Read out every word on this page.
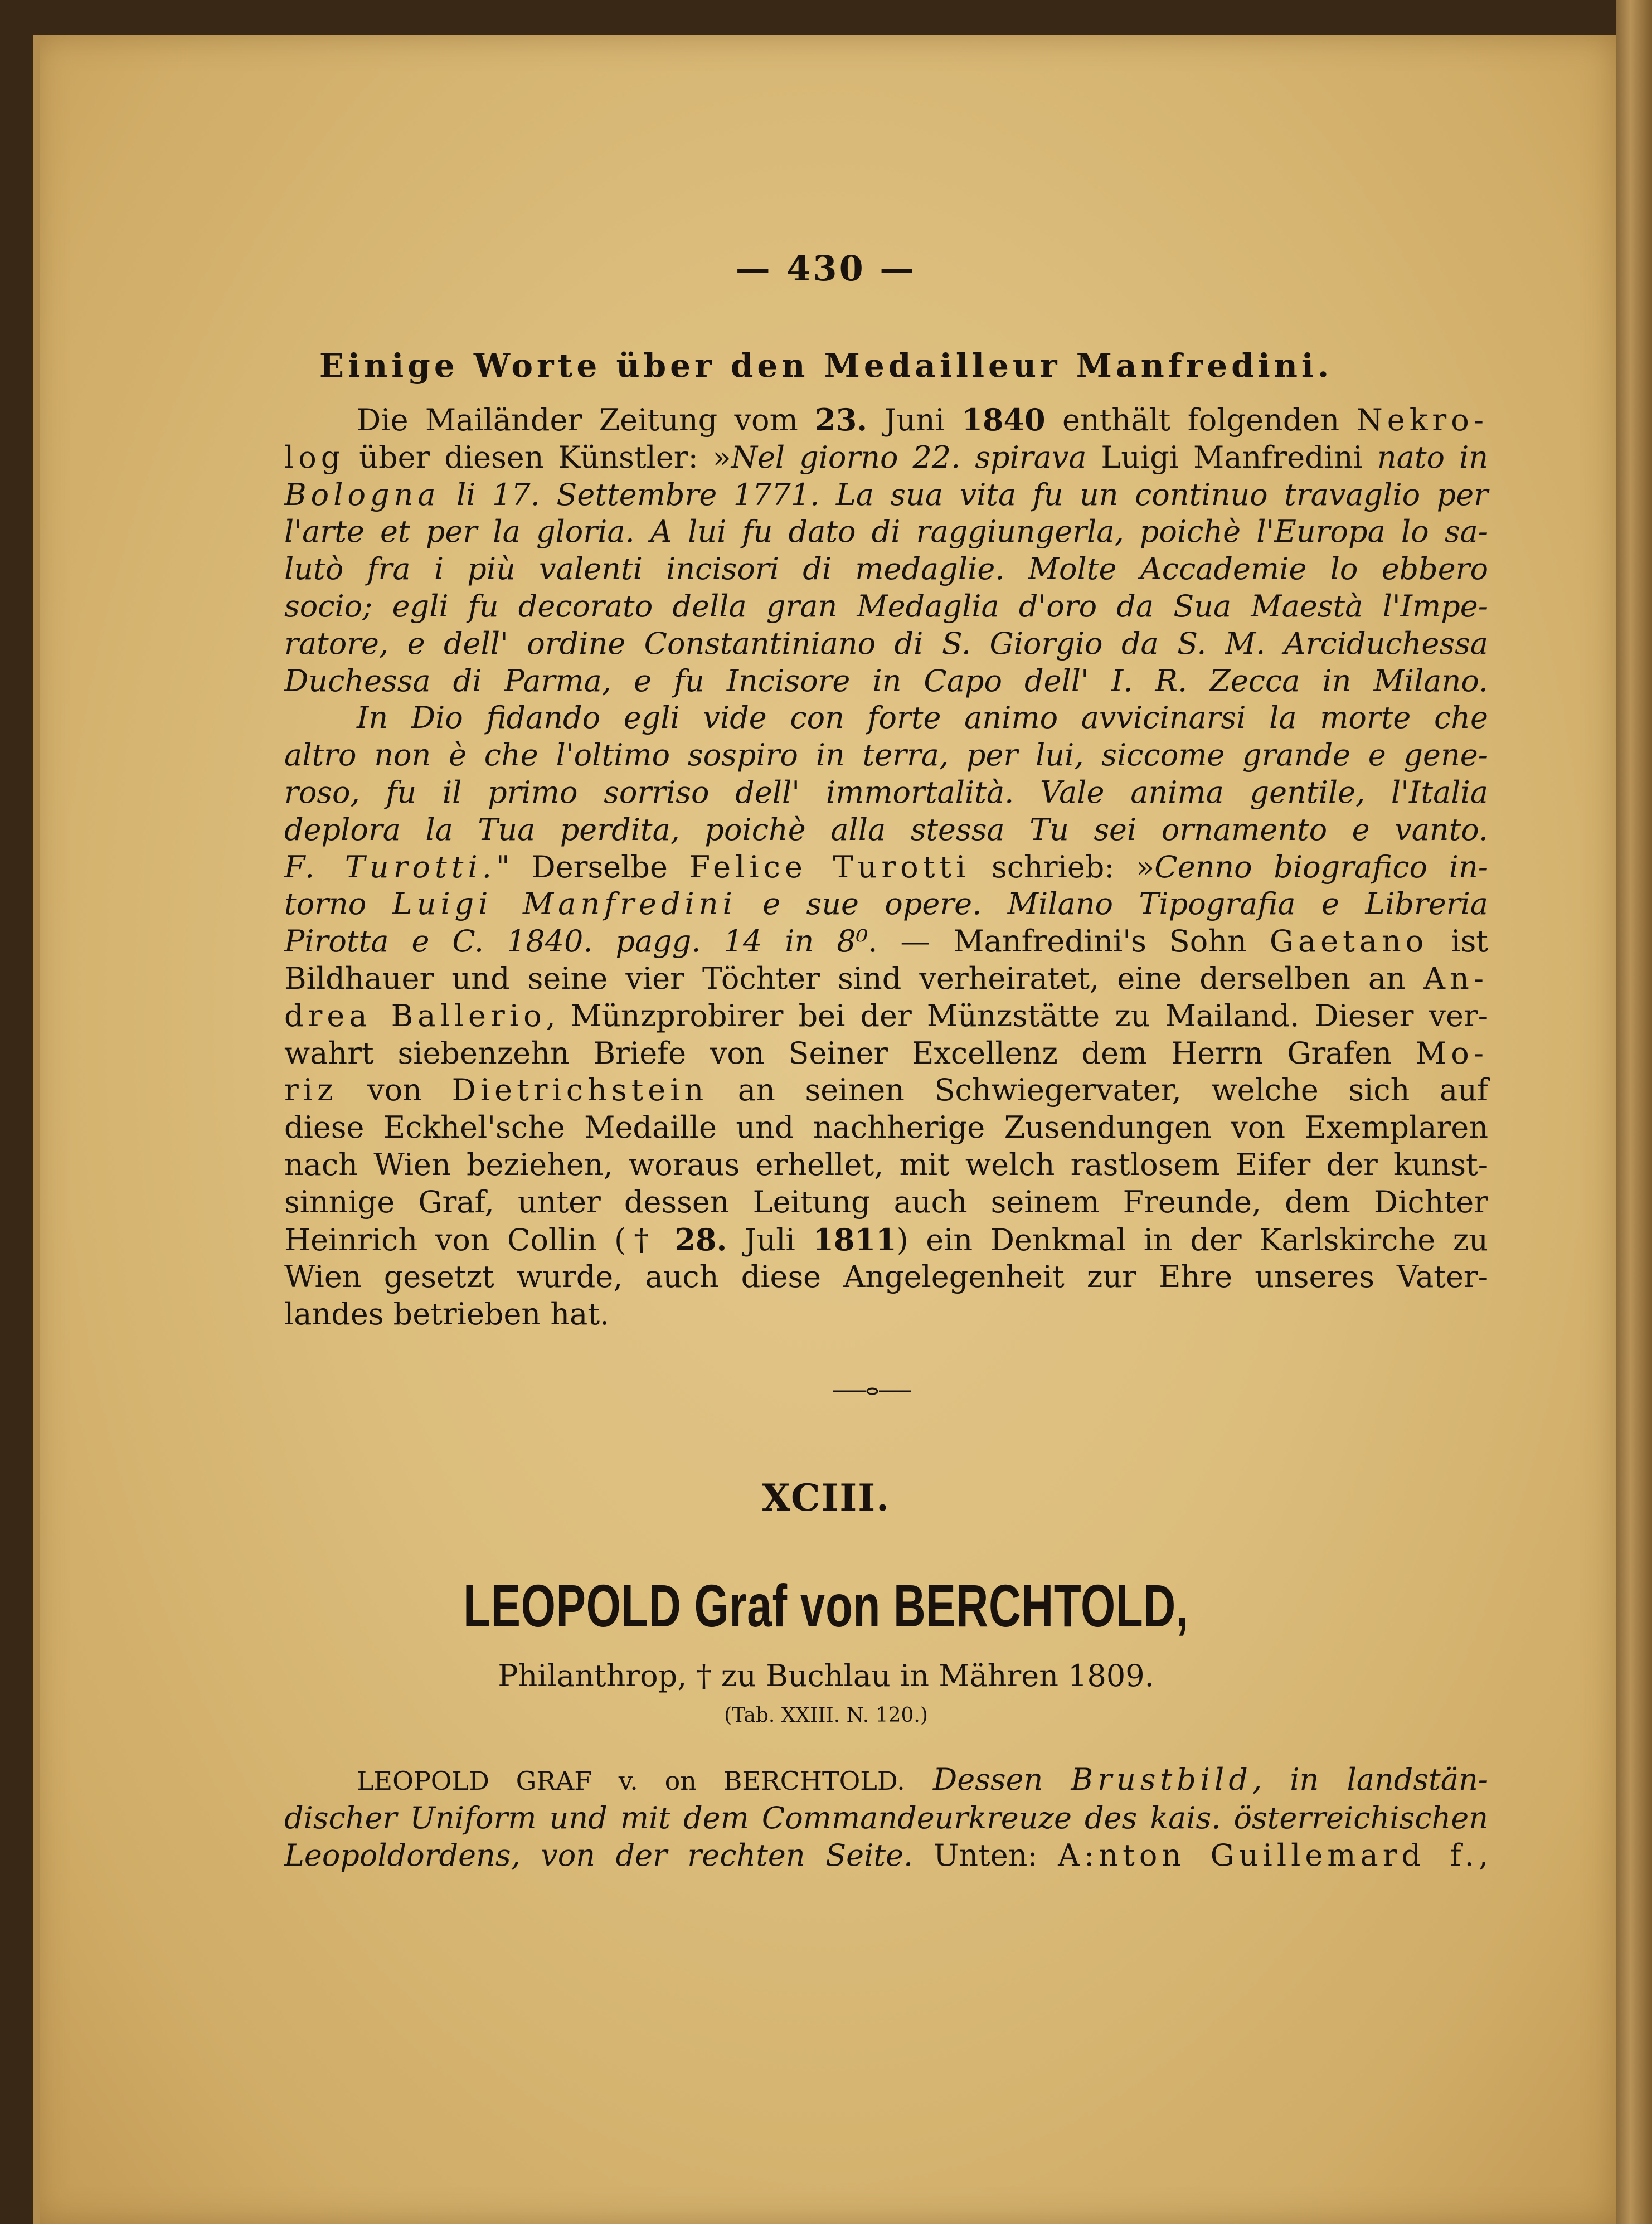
— 430 —
Einige Worte über den Medailleur Manfredini.
Die Mailänder Zeitung vom 23. Juni 1840 enthält folgenden Nekro-
log über diesen Künstler: »Nel giorno 22. spirava Luigi Manfredini nato in
Bologna li 17. Settembre 1771. La sua vita fu un continuo travaglio per
l'arte et per la gloria. A lui fu dato di raggiungerla, poichè l'Europa lo sa-
lutò fra i più valenti incisori di medaglie. Molte Accademie lo ebbero
socio; egli fu decorato della gran Medaglia d'oro da Sua Maestà l'Impe-
ratore, e dell' ordine Constantiniano di S. Giorgio da S. M. Arciduchessa
Duchessa di Parma, e fu Incisore in Capo dell' I. R. Zecca in Milano.
In Dio fidando egli vide con forte animo avvicinarsi la morte che
altro non è che l'oltimo sospiro in terra, per lui, siccome grande e gene-
roso, fu il primo sorriso dell' immortalità. Vale anima gentile, l'Italia
deplora la Tua perdita, poichè alla stessa Tu sei ornamento e vanto.
F. Turotti." Derselbe Felice Turotti schrieb: »Cenno biografico in-
torno Luigi Manfredini e sue opere. Milano Tipografia e Libreria
Pirotta e C. 1840. pagg. 14 in 8⁰. — Manfredini's Sohn Gaetano ist
Bildhauer und seine vier Töchter sind verheiratet, eine derselben an An-
drea Ballerio, Münzprobirer bei der Münzstätte zu Mailand. Dieser ver-
wahrt siebenzehn Briefe von Seiner Excellenz dem Herrn Grafen Mo-
riz von Dietrichstein an seinen Schwiegervater, welche sich auf
diese Eckhel'sche Medaille und nachherige Zusendungen von Exemplaren
nach Wien beziehen, woraus erhellet, mit welch rastlosem Eifer der kunst-
sinnige Graf, unter dessen Leitung auch seinem Freunde, dem Dichter
Heinrich von Collin († 28. Juli 1811) ein Denkmal in der Karlskirche zu
Wien gesetzt wurde, auch diese Angelegenheit zur Ehre unseres Vater-
landes betrieben hat.
XCIII.
LEOPOLD Graf von BERCHTOLD,
Philanthrop, † zu Buchlau in Mähren 1809.
(Tab. XXIII. N. 120.)
LEOPOLD GRAF v. on BERCHTOLD. Dessen Brustbild, in landstän-
discher Uniform und mit dem Commandeurkreuze des kais. österreichischen
Leopoldordens, von der rechten Seite. Unten: A:nton Guillemard f.,
